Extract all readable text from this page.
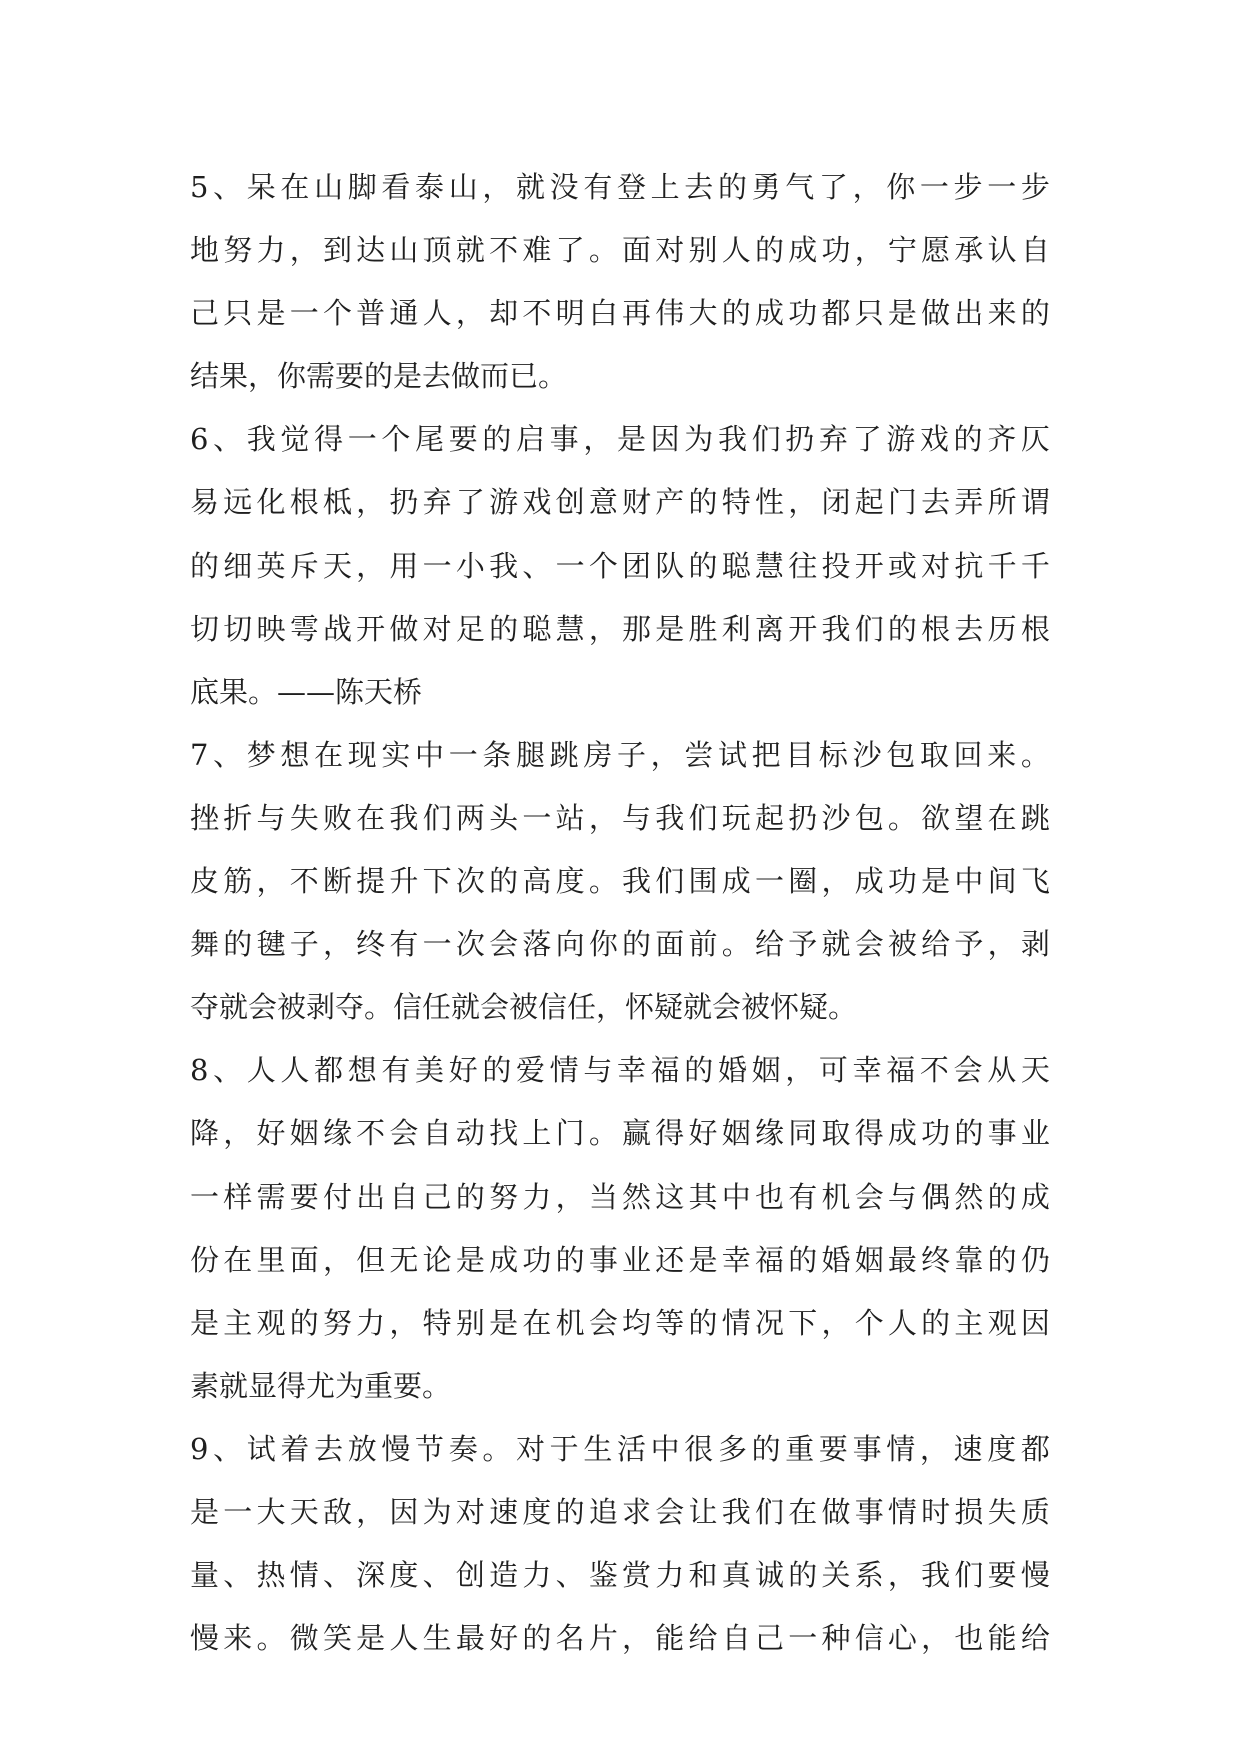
5 、 呆 在 山 脚 看 泰 山 ， 就 没 有 登 上 去 的 勇 气 了 ， 你 一 步 一 步
地 努 力 ， 到 达 山 顶 就 不 难 了 。 面 对 别 人 的 成 功 ， 宁 愿 承 认 自
己 只 是 一 个 普 通 人 ， 却 不 明 白 再 伟 大 的 成 功 都 只 是 做 出 来 的
结果，你需要的是去做而已。
6 、 我 觉 得 一 个 尾 要 的 启 事 ， 是 因 为 我 们 扔 弃 了 游 戏 的 齐 仄
易 远 化 根 柢 ， 扔 弃 了 游 戏 创 意 财 产 的 特 性 ， 闭 起 门 去 弄 所 谓
的 细 英 斥 天 ， 用 一 小 我 、 一 个 团 队 的 聪 慧 往 投 开 或 对 抗 千 千
切 切 映 雩 战 开 做 对 足 的 聪 慧 ， 那 是 胜 利 离 开 我 们 的 根 去 历 根
底果。——陈天桥
7 、 梦 想 在 现 实 中 一 条 腿 跳 房 子 ， 尝 试 把 目 标 沙 包 取 回 来 。
挫 折 与 失 败 在 我 们 两 头 一 站 ， 与 我 们 玩 起 扔 沙 包 。 欲 望 在 跳
皮 筋 ， 不 断 提 升 下 次 的 高 度 。 我 们 围 成 一 圈 ， 成 功 是 中 间 飞
舞 的 毽 子 ， 终 有 一 次 会 落 向 你 的 面 前 。 给 予 就 会 被 给 予 ， 剥
夺就会被剥夺。信任就会被信任，怀疑就会被怀疑。
8 、 人 人 都 想 有 美 好 的 爱 情 与 幸 福 的 婚 姻 ， 可 幸 福 不 会 从 天
降 ， 好 姻 缘 不 会 自 动 找 上 门 。 赢 得 好 姻 缘 同 取 得 成 功 的 事 业
一 样 需 要 付 出 自 己 的 努 力 ， 当 然 这 其 中 也 有 机 会 与 偶 然 的 成
份 在 里 面 ， 但 无 论 是 成 功 的 事 业 还 是 幸 福 的 婚 姻 最 终 靠 的 仍
是 主 观 的 努 力 ， 特 别 是 在 机 会 均 等 的 情 况 下 ， 个 人 的 主 观 因
素就显得尤为重要。
9 、 试 着 去 放 慢 节 奏 。 对 于 生 活 中 很 多 的 重 要 事 情 ， 速 度 都
是 一 大 天 敌 ， 因 为 对 速 度 的 追 求 会 让 我 们 在 做 事 情 时 损 失 质
量 、 热 情 、 深 度 、 创 造 力 、 鉴 赏 力 和 真 诚 的 关 系 ， 我 们 要 慢
慢 来 。 微 笑 是 人 生 最 好 的 名 片 ， 能 给 自 己 一 种 信 心 ， 也 能 给
